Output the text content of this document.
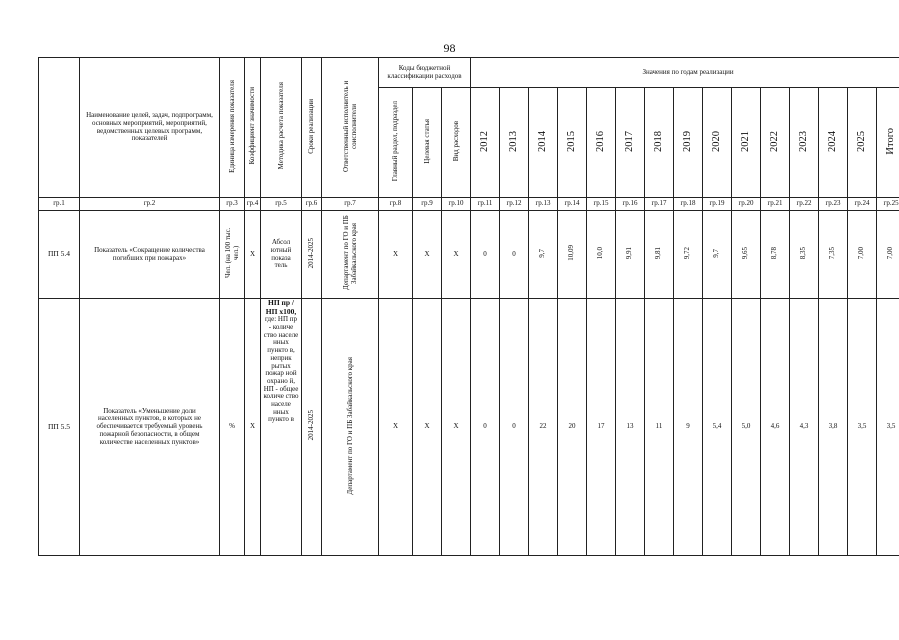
98
	Наименование целей, задач, подпрограмм, основных мероприятий, мероприятий, ведомственных целевых программ, показателей	Единица измерения показателя	Коэффициент значимости	Методика расчета показателя	Сроки реализации	Ответственный исполнитель и соисполнители	Коды бюджетной классификации расходов			Значения по годам реализации														
							Главный раздел, подраздел	Целевая статья	Вид расходов	2012	2013	2014	2015	2016	2017	2018	2019	2020	2021	2022	2023	2024	2025	Итого
гр.1	гр.2	гр.3	гр.4	гр.5	гр.6	гр.7	гр.8	гр.9	гр.10	гр.11	гр.12	гр.13	гр.14	гр.15	гр.16	гр.17	гр.18	гр.19	гр.20	гр.21	гр.22	гр.23	гр.24	гр.25
ПП 5.4	Показатель «Сокращение количества погибших при пожарах»	Чел. (на 100 тыс. чел.)	Х	Абсол ютный показа тель	2014-2025	Департамент по ГО и ПБ Забайкальского края	Х	Х	Х	0	0	9,7	10,09	10,0	9,91	9,81	9,72	9,7	9,65	8,78	8,35	7,35	7,00	7,00
ПП 5.5	Показатель «Уменьшение доли населенных пунктов, в которых не обеспечивается требуемый уровень пожарной безопасности, в общем количестве населенных пунктов»	%	Х	НП пр / НП х100, где: НП пр - количе ство населе нных пункто в, неприк рытых пожар ной охрано й, НП - общее количе ство населе нных пункто в	2014-2025	Департамент по ГО и ПБ Забайкальского края	Х	Х	Х	0	0	22	20	17	13	11	9	5,4	5,0	4,6	4,3	3,8	3,5	3,5
